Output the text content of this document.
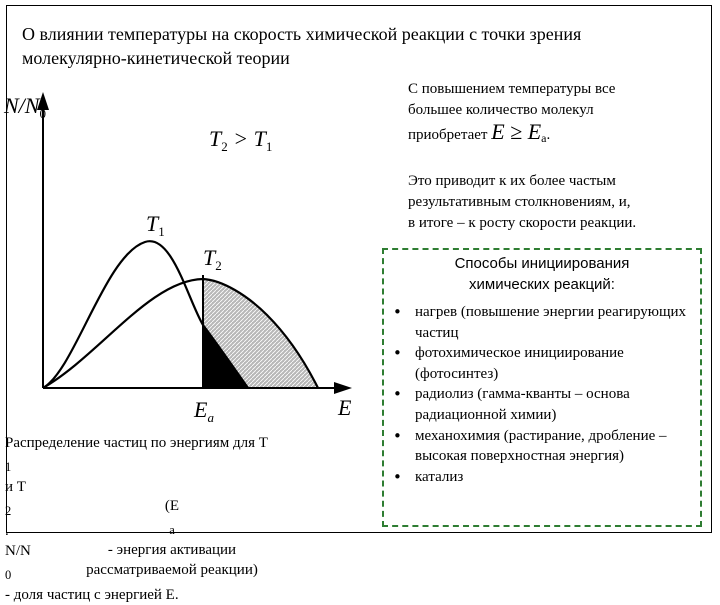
О влиянии температуры на скорость химической реакции с точки зрения
молекулярно-кинетической теории
$N/N_0$
E
$E_a$
$T_1$
$T_2$
$T_2 > T_1$
С повышением температуры все
большее количество молекул
приобретает E ≥ Ea.
Это приводит к их более частым
результативным столкновениям, и,
в итоге – к росту скорости реакции.
Способы инициирования
химических реакций:
• нагрев (повышение энергии реагирующих частиц
• фотохимическое инициирование (фотосинтез)
• радиолиз (гамма-кванты – основа радиационной химии)
• механохимия (растирание, дробление – высокая поверхностная энергия)
• катализ
Распределение частиц по энергиям для T
$_1$
и T
$_2$
.
N/N
$_0$
- доля частиц с энергией E.
(E
$_a$
- энергия активации
рассматриваемой реакции)
